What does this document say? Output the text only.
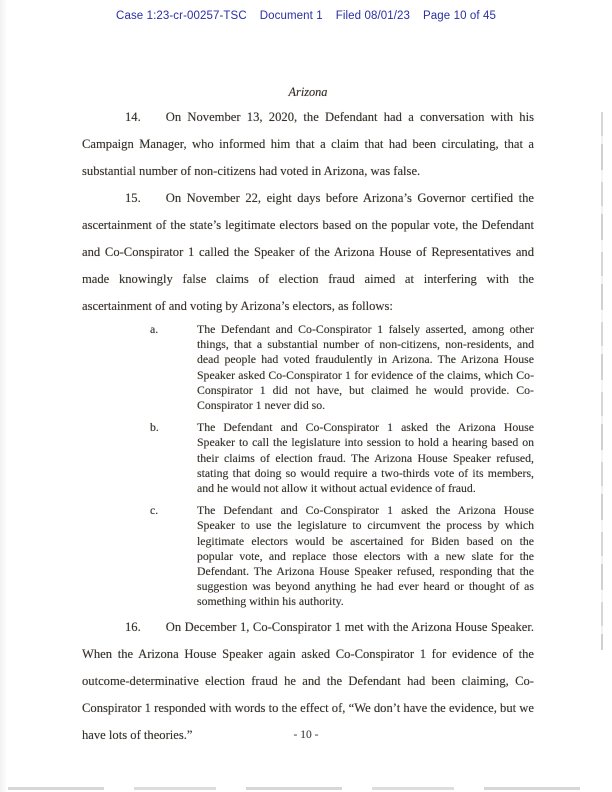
Case 1:23-cr-00257-TSC Document 1 Filed 08/01/23 Page 10 of 45
Arizona

14. On November 13, 2020, the Defendant had a conversation with his Campaign Manager, who informed him that a claim that had been circulating, that a substantial number of non-citizens had voted in Arizona, was false.

15. On November 22, eight days before Arizona’s Governor certified the ascertainment of the state’s legitimate electors based on the popular vote, the Defendant and Co-Conspirator 1 called the Speaker of the Arizona House of Representatives and made knowingly false claims of election fraud aimed at interfering with the ascertainment of and voting by Arizona’s electors, as follows:

a.	The Defendant and Co-Conspirator 1 falsely asserted, among other things, that a substantial number of non-citizens, non-residents, and dead people had voted fraudulently in Arizona. The Arizona House Speaker asked Co-Conspirator 1 for evidence of the claims, which Co-Conspirator 1 did not have, but claimed he would provide. Co-Conspirator 1 never did so.
b.	The Defendant and Co-Conspirator 1 asked the Arizona House Speaker to call the legislature into session to hold a hearing based on their claims of election fraud. The Arizona House Speaker refused, stating that doing so would require a two-thirds vote of its members, and he would not allow it without actual evidence of fraud.
c.	The Defendant and Co-Conspirator 1 asked the Arizona House Speaker to use the legislature to circumvent the process by which legitimate electors would be ascertained for Biden based on the popular vote, and replace those electors with a new slate for the Defendant. The Arizona House Speaker refused, responding that the suggestion was beyond anything he had ever heard or thought of as something within his authority.

16. On December 1, Co-Conspirator 1 met with the Arizona House Speaker. When the Arizona House Speaker again asked Co-Conspirator 1 for evidence of the outcome-determinative election fraud he and the Defendant had been claiming, Co-Conspirator 1 responded with words to the effect of, “We don’t have the evidence, but we have lots of theories.”	- 10 -
